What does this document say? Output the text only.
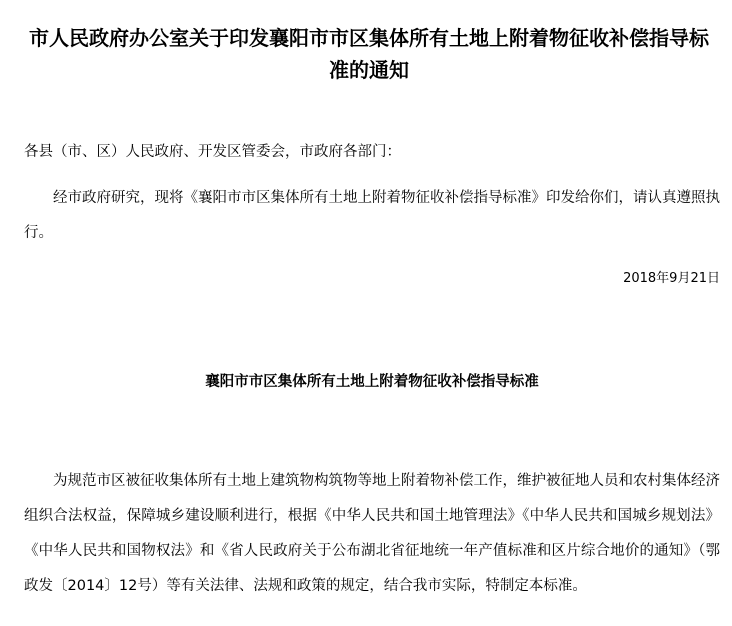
市人民政府办公室关于印发襄阳市市区集体所有土地上附着物征收补偿指导标准的通知

各县（市、区）人民政府、开发区管委会，市政府各部门：

经市政府研究，现将《襄阳市市区集体所有土地上附着物征收补偿指导标准》印发给你们，请认真遵照执行。

2018年9月21日

襄阳市市区集体所有土地上附着物征收补偿指导标准

为规范市区被征收集体所有土地上建筑物构筑物等地上附着物补偿工作，维护被征地人员和农村集体经济组织合法权益，保障城乡建设顺利进行，根据《中华人民共和国土地管理法》《中华人民共和国城乡规划法》《中华人民共和国物权法》和《省人民政府关于公布湖北省征地统一年产值标准和区片综合地价的通知》（鄂政发〔2014〕12号）等有关法律、法规和政策的规定，结合我市实际，特制定本标准。
